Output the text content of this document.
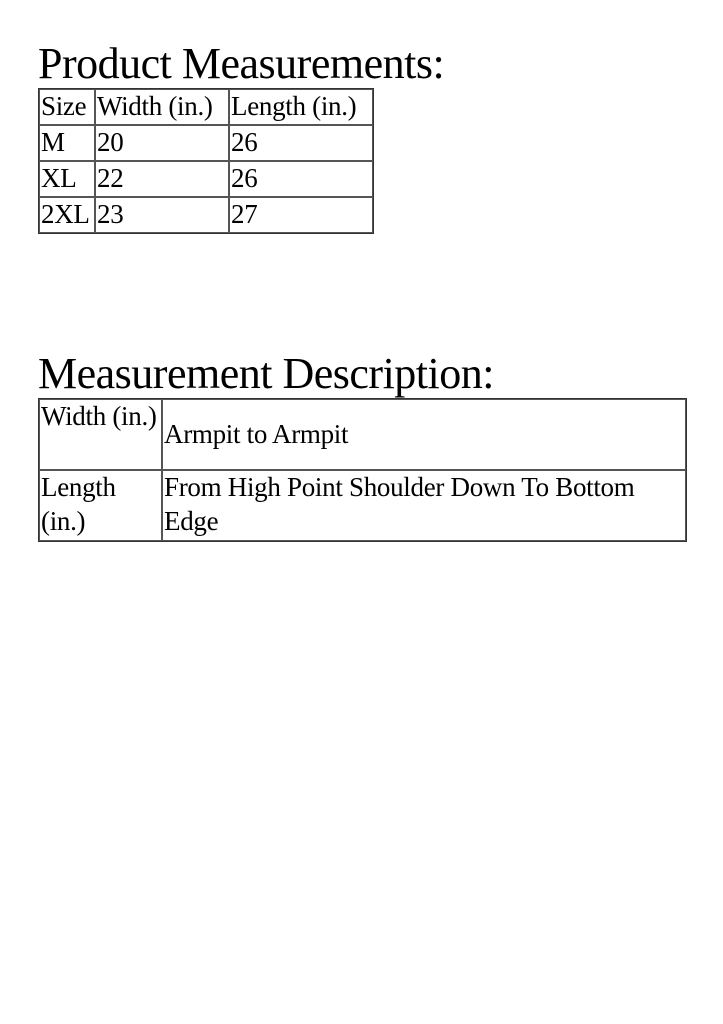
Product Measurements:
Size	Width (in.)	Length (in.)
M	20	26
XL	22	26
2XL	23	27
Measurement Description:
Width (in.)	Armpit to Armpit
Length (in.)	From High Point Shoulder Down To Bottom Edge
